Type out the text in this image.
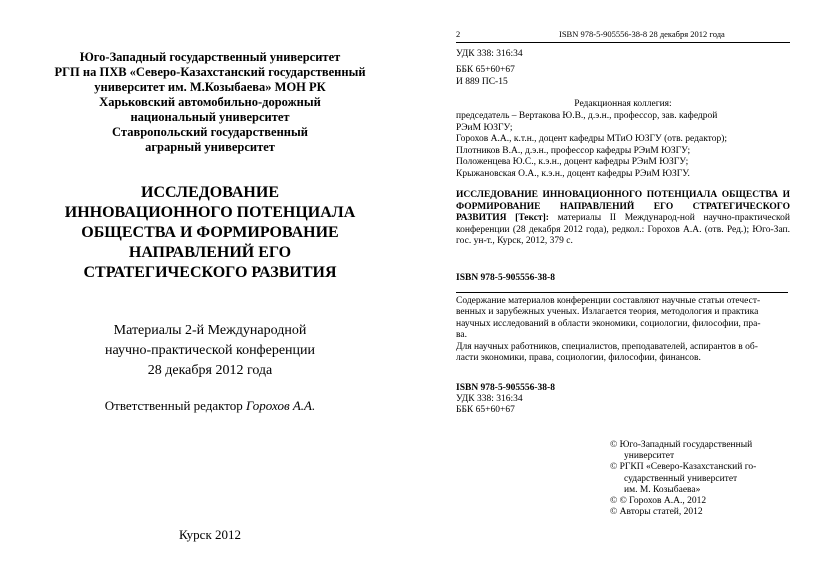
Юго-Западный государственный университет
РГП на ПХВ «Северо-Казахстанский государственный
университет им. М.Козыбаева» МОН РК
Харьковский автомобильно-дорожный
национальный университет
Ставропольский государственный
аграрный университет
ИССЛЕДОВАНИЕ
ИННОВАЦИОННОГО ПОТЕНЦИАЛА
ОБЩЕСТВА И ФОРМИРОВАНИЕ
НАПРАВЛЕНИЙ ЕГО
СТРАТЕГИЧЕСКОГО РАЗВИТИЯ
Материалы 2-й Международной
научно-практической конференции
28 декабря 2012 года
Ответственный редактор Горохов А.А.
Курск 2012
2	ISBN 978-5-905556-38-8 28 декабря 2012 года
УДК 338: 316:34
ББК 65+60+67
И 889 ПС-15
Редакционная коллегия:
председатель – Вертакова Ю.В., д.э.н., профессор, зав. кафедрой
РЭиМ ЮЗГУ;
Горохов А.А., к.т.н., доцент кафедры МТиО ЮЗГУ (отв. редактор);
Плотников В.А., д.э.н., профессор кафедры РЭиМ ЮЗГУ;
Положенцева Ю.С., к.э.н., доцент кафедры РЭиМ ЮЗГУ;
Крыжановская О.А., к.э.н., доцент кафедры РЭиМ ЮЗГУ.
ИССЛЕДОВАНИЕ ИННОВАЦИОННОГО ПОТЕНЦИАЛА ОБЩЕСТВА И ФОРМИРОВАНИЕ НАПРАВЛЕНИЙ ЕГО СТРАТЕГИЧЕСКОГО РАЗВИТИЯ [Текст]: материалы II Международ-ной научно-практической конференции (28 декабря 2012 года), редкол.: Горохов А.А. (отв. Ред.); Юго-Зап. гос. ун-т., Курск, 2012, 379 с.
ISBN 978-5-905556-38-8
Содержание материалов конференции составляют научные статьи отечест-
венных и зарубежных ученых. Излагается теория, методология и практика
научных исследований в области экономики, социологии, философии, пра-
ва.
Для научных работников, специалистов, преподавателей, аспирантов в об-
ласти экономики, права, социологии, философии, финансов.
ISBN 978-5-905556-38-8
УДК 338: 316:34
ББК 65+60+67
© Юго-Западный государственный
университет
© РГКП «Северо-Казахстанский го-
сударственный университет
им. М. Козыбаева»
© © Горохов А.А., 2012
© Авторы статей, 2012
